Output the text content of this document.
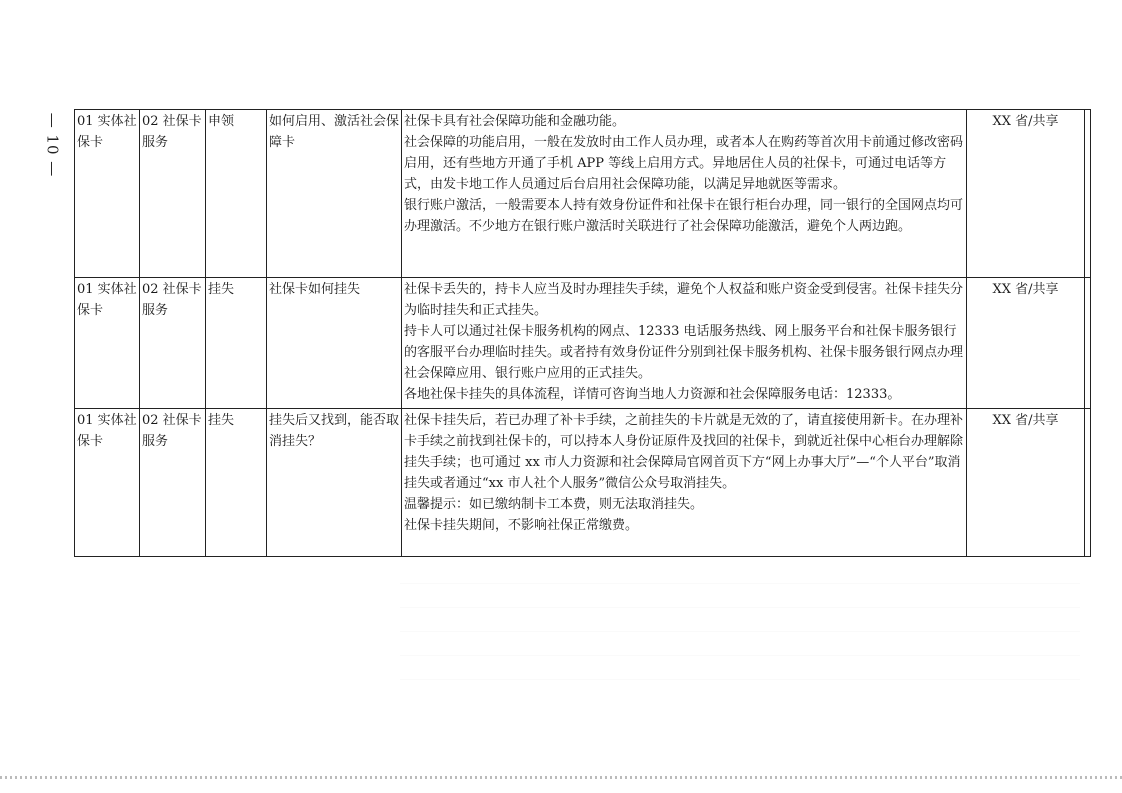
— 10 — 01 实体社保卡	02 社保卡服务	申领	如何启用、激活社会保障卡	社保卡具有社会保障功能和金融功能。
社会保障的功能启用，一般在发放时由工作人员办理，或者本人在购药等首次用卡前通过修改密码启用，还有些地方开通了手机 APP 等线上启用方式。异地居住人员的社保卡，可通过电话等方式，由发卡地工作人员通过后台启用社会保障功能，以满足异地就医等需求。
银行账户激活，一般需要本人持有效身份证件和社保卡在银行柜台办理，同一银行的全国网点均可办理激活。不少地方在银行账户激活时关联进行了社会保障功能激活，避免个人两边跑。	XX 省/共享	
01 实体社保卡	02 社保卡服务	挂失	社保卡如何挂失	社保卡丢失的，持卡人应当及时办理挂失手续，避免个人权益和账户资金受到侵害。社保卡挂失分为临时挂失和正式挂失。
持卡人可以通过社保卡服务机构的网点、12333 电话服务热线、网上服务平台和社保卡服务银行的客服平台办理临时挂失。或者持有效身份证件分别到社保卡服务机构、社保卡服务银行网点办理社会保障应用、银行账户应用的正式挂失。
各地社保卡挂失的具体流程，详情可咨询当地人力资源和社会保障服务电话：12333。	XX 省/共享	
01 实体社保卡	02 社保卡服务	挂失	挂失后又找到，能否取消挂失？	社保卡挂失后，若已办理了补卡手续，之前挂失的卡片就是无效的了，请直接使用新卡。在办理补卡手续之前找到社保卡的，可以持本人身份证原件及找回的社保卡，到就近社保中心柜台办理解除挂失手续；也可通过 xx 市人力资源和社会保障局官网首页下方“网上办事大厅”—“个人平台”取消挂失或者通过“xx 市人社个人服务”微信公众号取消挂失。
温馨提示：如已缴纳制卡工本费，则无法取消挂失。
社保卡挂失期间，不影响社保正常缴费。	XX 省/共享	
